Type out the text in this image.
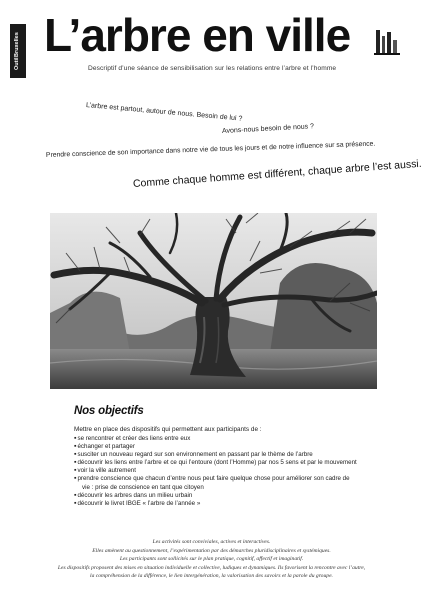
Outil

Bruxelles L’arbre en ville
Descriptif d’une séance de sensibilisation sur les relations entre l’arbre et l’homme
L’arbre est partout, autour de nous. Besoin de lui ?
Avons-nous besoin de nous ?
Prendre conscience de son importance dans notre vie de tous les jours et de notre influence sur sa présence.
Comme chaque homme est différent, chaque arbre l’est aussi.
Nos objectifs
Mettre en place des dispositifs qui permettent aux participants de :
▪ se rencontrer et créer des liens entre eux
▪ échanger et partager
▪ susciter un nouveau regard sur son environnement en passant par le thème de l’arbre
▪ découvrir les liens entre l’arbre et ce qui l’entoure (dont l’Homme) par nos 5 sens et par le mouvement
▪ voir la ville autrement
▪ prendre conscience que chacun d’entre nous peut faire quelque chose pour améliorer son cadre de
vie : prise de conscience en tant que citoyen
▪ découvrir les arbres dans un milieu urbain
▪ découvrir le livret IBGE « l’arbre de l’année »

Les activités sont conviviales, actives et interactives.

Elles amènent au questionnement, l’expérimentation par des démarches pluridisciplinaires et systémiques.

Les participants sont sollicités sur le plan pratique, cognitif, affectif et imaginatif.

Les dispositifs proposent des mises en situation individuelle et collective, ludiques et dynamiques. Ils favorisent la rencontre avec l’autre,

la compréhension de la différence, le lien intergénération, la valorisation des savoirs et la parole du groupe.
